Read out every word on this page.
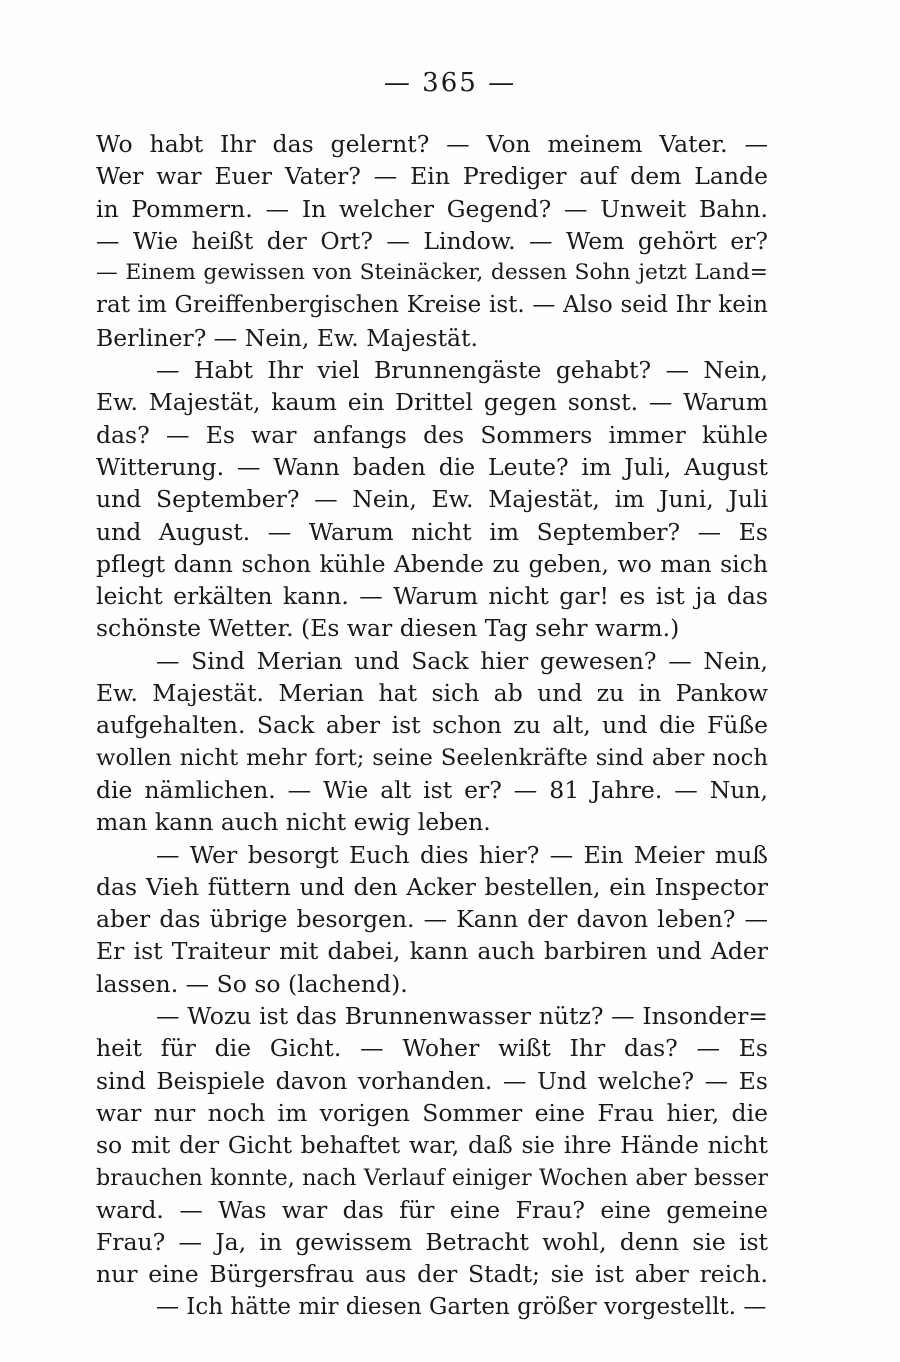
— 365 —
Wo habt Ihr das gelernt? — Von meinem Vater. —
Wer war Euer Vater? — Ein Prediger auf dem Lande
in Pommern. — In welcher Gegend? — Unweit Bahn.
— Wie heißt der Ort? — Lindow. — Wem gehört er?
— Einem gewissen von Steinäcker, dessen Sohn jetzt Land=
rat im Greiffenbergischen Kreise ist. — Also seid Ihr kein
Berliner? — Nein, Ew. Majestät.
— Habt Ihr viel Brunnengäste gehabt? — Nein,
Ew. Majestät, kaum ein Drittel gegen sonst. — Warum
das? — Es war anfangs des Sommers immer kühle
Witterung. — Wann baden die Leute? im Juli, August
und September? — Nein, Ew. Majestät, im Juni, Juli
und August. — Warum nicht im September? — Es
pflegt dann schon kühle Abende zu geben, wo man sich
leicht erkälten kann. — Warum nicht gar! es ist ja das
schönste Wetter. (Es war diesen Tag sehr warm.)
— Sind Merian und Sack hier gewesen? — Nein,
Ew. Majestät. Merian hat sich ab und zu in Pankow
aufgehalten. Sack aber ist schon zu alt, und die Füße
wollen nicht mehr fort; seine Seelenkräfte sind aber noch
die nämlichen. — Wie alt ist er? — 81 Jahre. — Nun,
man kann auch nicht ewig leben.
— Wer besorgt Euch dies hier? — Ein Meier muß
das Vieh füttern und den Acker bestellen, ein Inspector
aber das übrige besorgen. — Kann der davon leben? —
Er ist Traiteur mit dabei, kann auch barbiren und Ader
lassen. — So so (lachend).
— Wozu ist das Brunnenwasser nütz? — Insonder=
heit für die Gicht. — Woher wißt Ihr das? — Es
sind Beispiele davon vorhanden. — Und welche? — Es
war nur noch im vorigen Sommer eine Frau hier, die
so mit der Gicht behaftet war, daß sie ihre Hände nicht
brauchen konnte, nach Verlauf einiger Wochen aber besser
ward. — Was war das für eine Frau? eine gemeine
Frau? — Ja, in gewissem Betracht wohl, denn sie ist
nur eine Bürgersfrau aus der Stadt; sie ist aber reich.
— Ich hätte mir diesen Garten größer vorgestellt. —
